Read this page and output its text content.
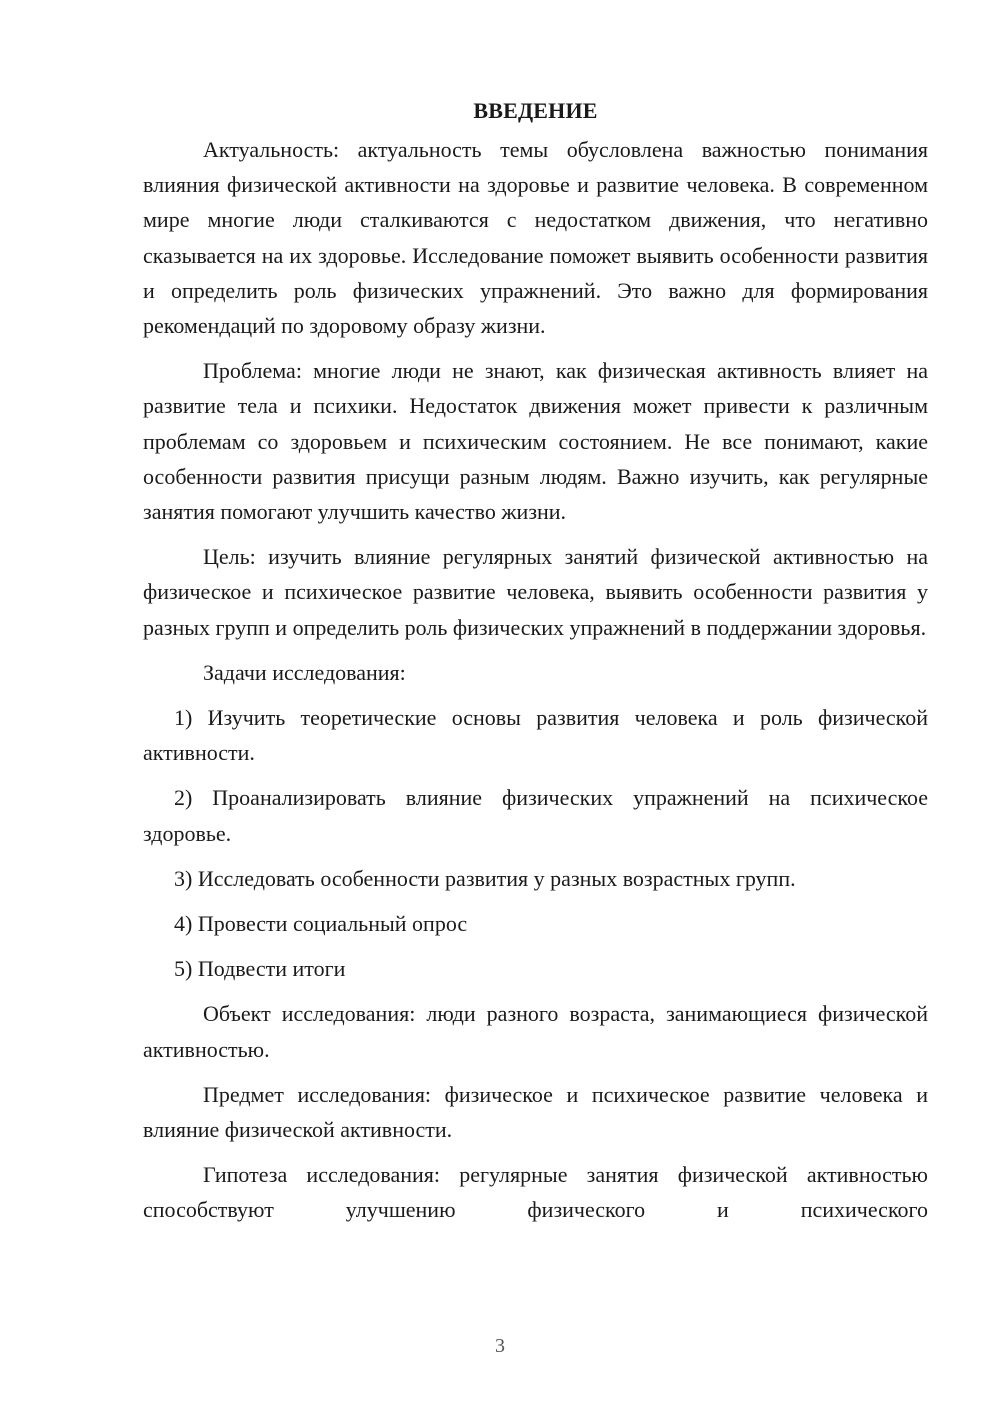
ВВЕДЕНИЕ

Актуальность: актуальность темы обусловлена важностью понимания влияния физической активности на здоровье и развитие человека. В современном мире многие люди сталкиваются с недостатком движения, что негативно сказывается на их здоровье. Исследование поможет выявить особенности развития и определить роль физических упражнений. Это важно для формирования рекомендаций по здоровому образу жизни.

Проблема: многие люди не знают, как физическая активность влияет на развитие тела и психики. Недостаток движения может привести к различным проблемам со здоровьем и психическим состоянием. Не все понимают, какие особенности развития присущи разным людям. Важно изучить, как регулярные занятия помогают улучшить качество жизни.

Цель: изучить влияние регулярных занятий физической активностью на физическое и психическое развитие человека, выявить особенности развития у разных групп и определить роль физических упражнений в поддержании здоровья.

Задачи исследования:

1) Изучить теоретические основы развития человека и роль физической активности.

2) Проанализировать влияние физических упражнений на психическое здоровье.

3) Исследовать особенности развития у разных возрастных групп.

4) Провести социальный опрос

5) Подвести итоги

Объект исследования: люди разного возраста, занимающиеся физической активностью.

Предмет исследования: физическое и психическое развитие человека и влияние физической активности.

Гипотеза исследования: регулярные занятия физической активностью способствуют улучшению физического и психического

3
